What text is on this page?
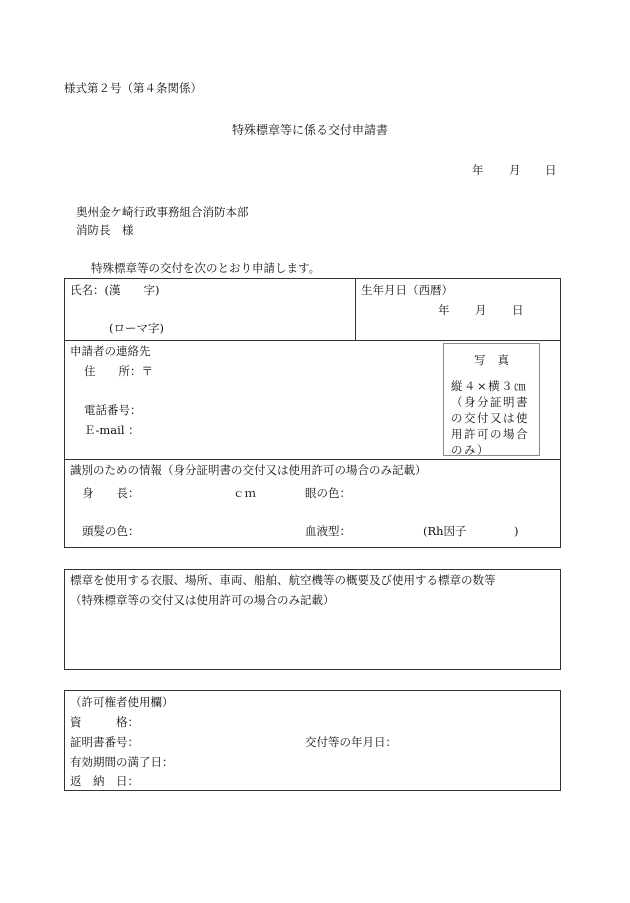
様式第２号（第４条関係）
特殊標章等に係る交付申請書
年 月 日
奥州金ケ崎行政事務組合消防本部
消防長　様
特殊標章等の交付を次のとおり申請します。
氏名：(漢　　字)
(ローマ字)
生年月日（西暦）
年 月 日
申請者の連絡先
住　　所：〒
電話番号：
Ｅ-mail ：
写真
縦４×横３㎝（身分証明書の交付又は使用許可の場合のみ）
識別のための情報（身分証明書の交付又は使用許可の場合のみ記載）
身　　長：	ｃｍ	眼の色：
頭髪の色：	血液型：	(Rh因子	)
標章を使用する衣服、場所、車両、船舶、航空機等の概要及び使用する標章の数等
（特殊標章等の交付又は使用許可の場合のみ記載）
（許可権者使用欄）
資　　　格：
証明書番号：	交付等の年月日：
有効期間の満了日：
返　納　日：
